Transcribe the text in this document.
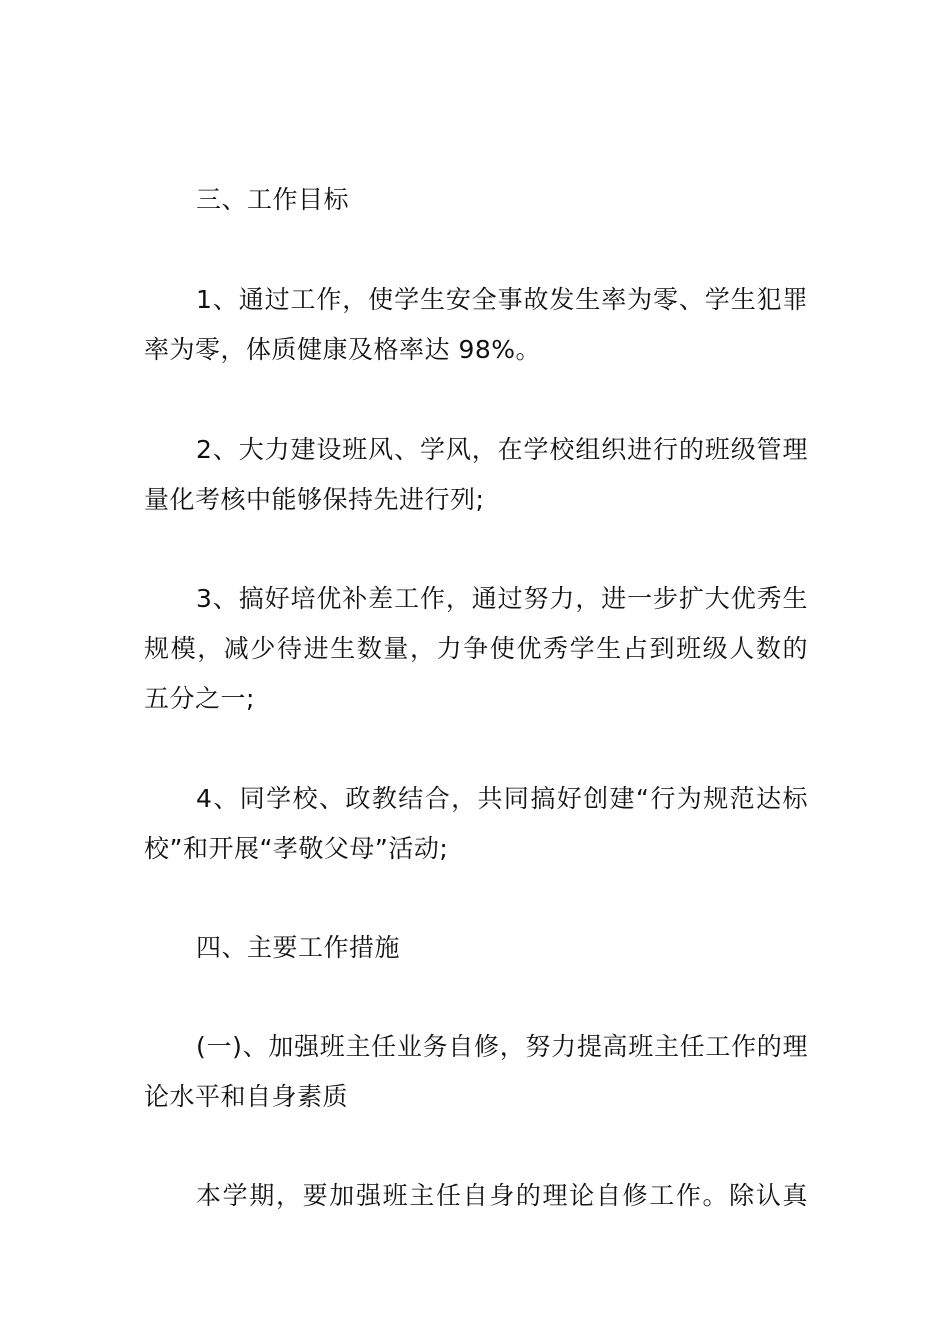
三、工作目标
1、通过工作，使学生安全事故发生率为零、学生犯罪
率为零，体质健康及格率达 98%。
2、大力建设班风、学风，在学校组织进行的班级管理
量化考核中能够保持先进行列;
3、搞好培优补差工作，通过努力，进一步扩大优秀生
规模，减少待进生数量，力争使优秀学生占到班级人数的
五分之一;
4、同学校、政教结合，共同搞好创建“行为规范达标
校”和开展“孝敬父母”活动;
四、主要工作措施
(一)、加强班主任业务自修，努力提高班主任工作的理
论水平和自身素质
本学期，要加强班主任自身的理论自修工作。除认真
